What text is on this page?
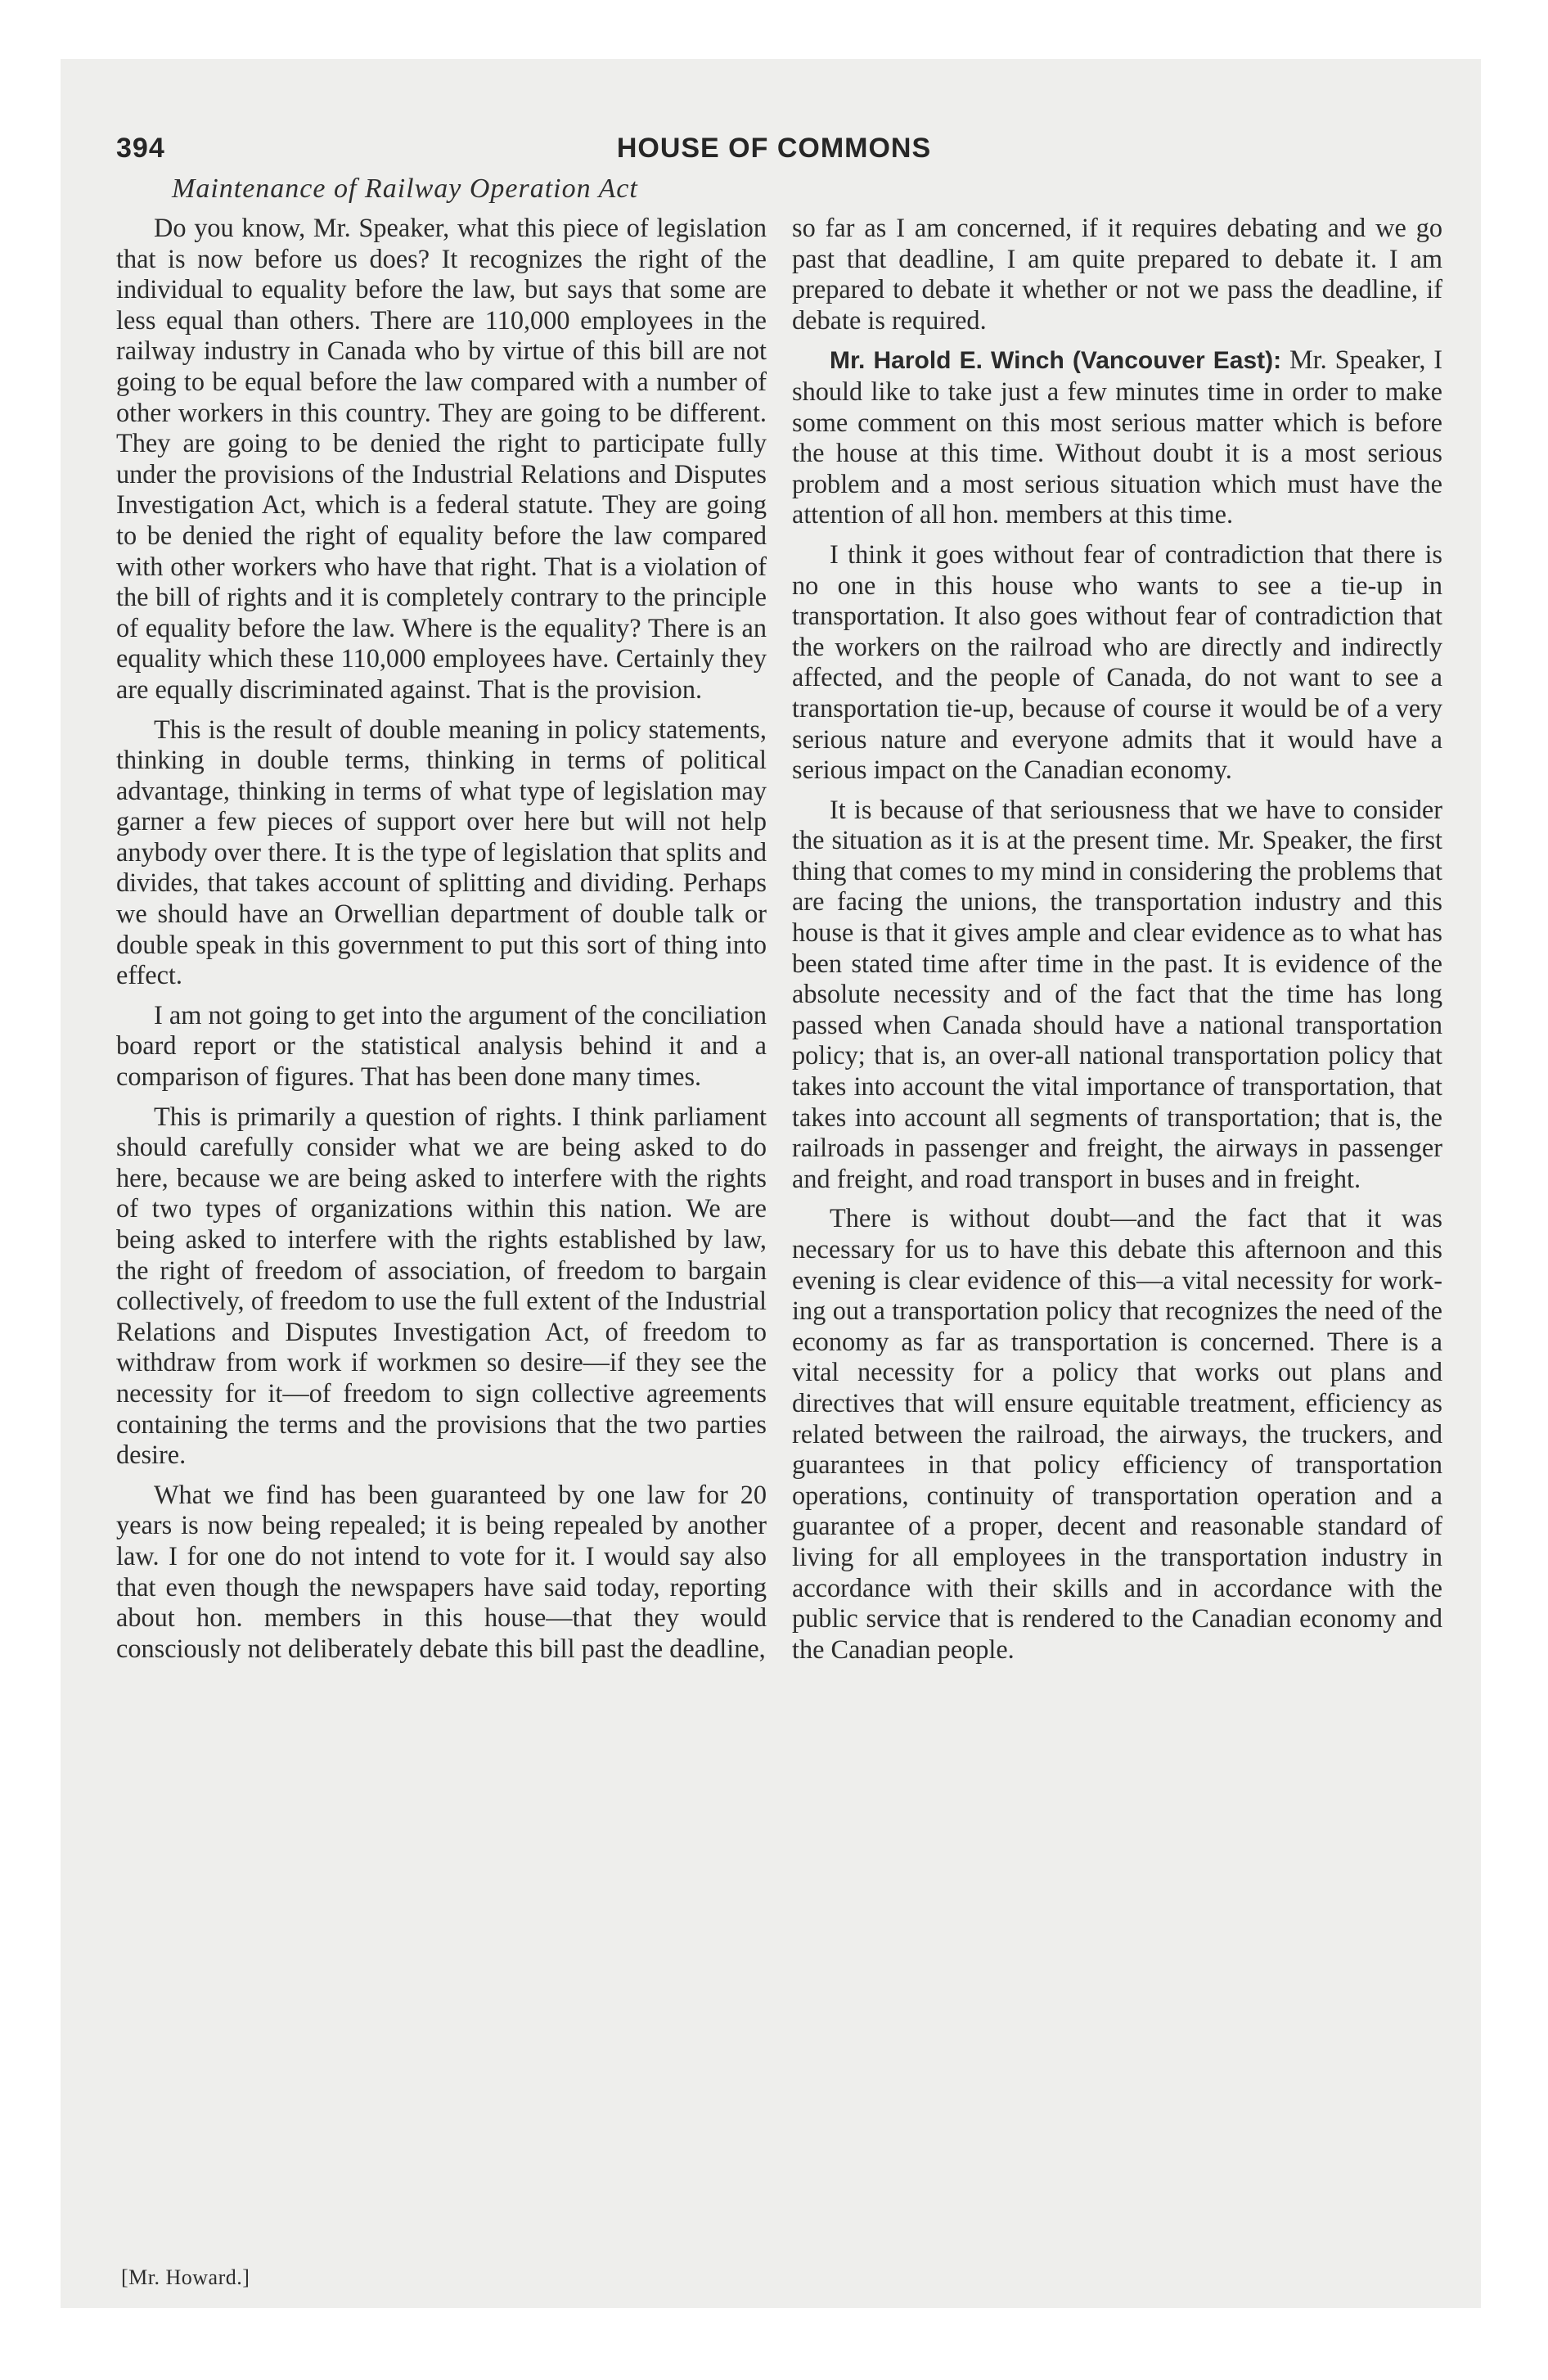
394	HOUSE OF COMMONS
Maintenance of Railway Operation Act

Do you know, Mr. Speaker, what this piece of legislation that is now before us does? It recognizes the right of the individual to equality before the law, but says that some are less equal than others. There are 110,000 employees in the railway industry in Canada who by virtue of this bill are not going to be equal before the law compared with a number of other workers in this country. They are going to be different. They are going to be denied the right to participate fully under the provisions of the Industrial Relations and Disputes Investigation Act, which is a federal statute. They are going to be denied the right of equality before the law compared with other workers who have that right. That is a violation of the bill of rights and it is completely contrary to the principle of equality before the law. Where is the equality? There is an equality which these 110,000 employees have. Certainly they are equally discriminated against. That is the provision.

This is the result of double meaning in policy statements, thinking in double terms, thinking in terms of political advantage, thinking in terms of what type of legislation may garner a few pieces of support over here but will not help anybody over there. It is the type of legislation that splits and divides, that takes account of splitting and dividing. Perhaps we should have an Orwellian department of double talk or double speak in this government to put this sort of thing into effect.

I am not going to get into the argument of the conciliation board report or the statistical analysis behind it and a comparison of figures. That has been done many times.

This is primarily a question of rights. I think parliament should carefully consider what we are being asked to do here, because we are being asked to interfere with the rights of two types of organizations within this nation. We are being asked to interfere with the rights established by law, the right of freedom of association, of freedom to bargain collectively, of freedom to use the full extent of the Industrial Relations and Disputes Investigation Act, of freedom to withdraw from work if workmen so desire—if they see the necessity for it—of freedom to sign collective agreements containing the terms and the provisions that the two parties desire.

What we find has been guaranteed by one law for 20 years is now being repealed; it is being repealed by another law. I for one do not intend to vote for it. I would say also that even though the newspapers have said today, reporting about hon. members in this house—that they would consciously not deliberately debate this bill past the deadline,

so far as I am concerned, if it requires debating and we go past that deadline, I am quite prepared to debate it. I am prepared to debate it whether or not we pass the deadline, if debate is required.

Mr. Harold E. Winch (Vancouver East): Mr. Speaker, I should like to take just a few minutes time in order to make some comment on this most serious matter which is before the house at this time. Without doubt it is a most serious problem and a most serious situation which must have the attention of all hon. members at this time.

I think it goes without fear of contradiction that there is no one in this house who wants to see a tie-up in transportation. It also goes without fear of contradiction that the workers on the railroad who are directly and indirectly affected, and the people of Canada, do not want to see a transportation tie-up, because of course it would be of a very serious nature and everyone admits that it would have a serious impact on the Canadian economy.

It is because of that seriousness that we have to consider the situation as it is at the present time. Mr. Speaker, the first thing that comes to my mind in considering the problems that are facing the unions, the transportation industry and this house is that it gives ample and clear evidence as to what has been stated time after time in the past. It is evidence of the absolute necessity and of the fact that the time has long passed when Canada should have a national transportation policy; that is, an over-all national transportation policy that takes into account the vital importance of transportation, that takes into account all segments of transportation; that is, the railroads in passenger and freight, the airways in passenger and freight, and road transport in buses and in freight.

There is without doubt—and the fact that it was necessary for us to have this debate this afternoon and this evening is clear evidence of this—a vital necessity for working out a transportation policy that recognizes the need of the economy as far as transportation is concerned. There is a vital necessity for a policy that works out plans and directives that will ensure equitable treatment, efficiency as related between the railroad, the airways, the truckers, and guarantees in that policy efficiency of transportation operations, continuity of transportation operation and a guarantee of a proper, decent and reasonable standard of living for all employees in the transportation industry in accordance with their skills and in accordance with the public service that is rendered to the Canadian economy and the Canadian people.

[Mr. Howard.]
